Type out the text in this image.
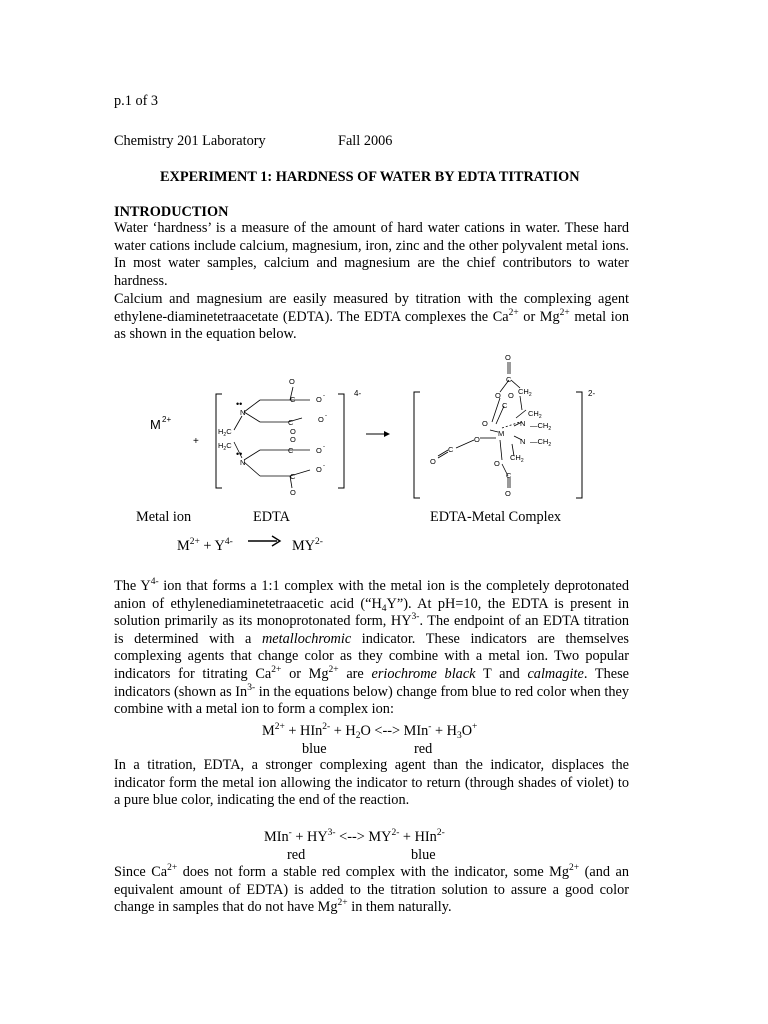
p.1 of 3
Chemistry 201 Laboratory	Fall 2006
EXPERIMENT 1: HARDNESS OF WATER BY EDTA TITRATION
INTRODUCTION

Water ‘hardness’ is a measure of the amount of hard water cations in water. These hard water cations include calcium, magnesium, iron, zinc and the other polyvalent metal ions. In most water samples, calcium and magnesium are the chief contributors to water hardness.

Calcium and magnesium are easily measured by titration with the complexing agent ethylene-diaminetetraacetate (EDTA). The EDTA complexes the $Ca^{2+}$ or $Mg^{2+}$ metal ion as shown in the equation below.

M 2+
+
4-
N
N
••
••
O
C	O -
O -
C
O
C
O
O -
O -
C
O
$H_2C$
$H_2C$
2-
O
C
O O $CH_2$
C
$CH_2$
N $—CH_2$
O
M
N $—CH_2$
O
C
O	$CH_2$
O
C
O
Metal ion	EDTA	EDTA-Metal Complex
$M^{2+} + Y^{4-}$	$MY^{2-}$

The $Y^{4-}$ ion that forms a 1:1 complex with the metal ion is the completely deprotonated anion of ethylenediaminetetraacetic acid $(“H_4Y”)$. At pH=10, the EDTA is present in solution primarily as its monoprotonated form, $HY^{3-}$. The endpoint of an EDTA titration is determined with a metallochromic indicator. These indicators are themselves complexing agents that change color as they combine with a metal ion. Two popular indicators for titrating $Ca^{2+}$ or $Mg^{2+}$ are eriochrome black T and calmagite. These indicators (shown as $In^{3-}$ in the equations below) change from blue to red color when they combine with a metal ion to form a complex ion:

$M^{2+} + HIn^{2-} + H_2O$ <--> $MIn^- + H_3O^+$
blue	red

In a titration, EDTA, a stronger complexing agent than the indicator, displaces the indicator form the metal ion allowing the indicator to return (through shades of violet) to a pure blue color, indicating the end of the reaction.

$MIn^- + HY^{3-}$ <--> $MY^{2-} + HIn^{2-}$
red	blue

Since $Ca^{2+}$ does not form a stable red complex with the indicator, some $Mg^{2+}$ (and an equivalent amount of EDTA) is added to the titration solution to assure a good color change in samples that do not have $Mg^{2+}$ in them naturally.
